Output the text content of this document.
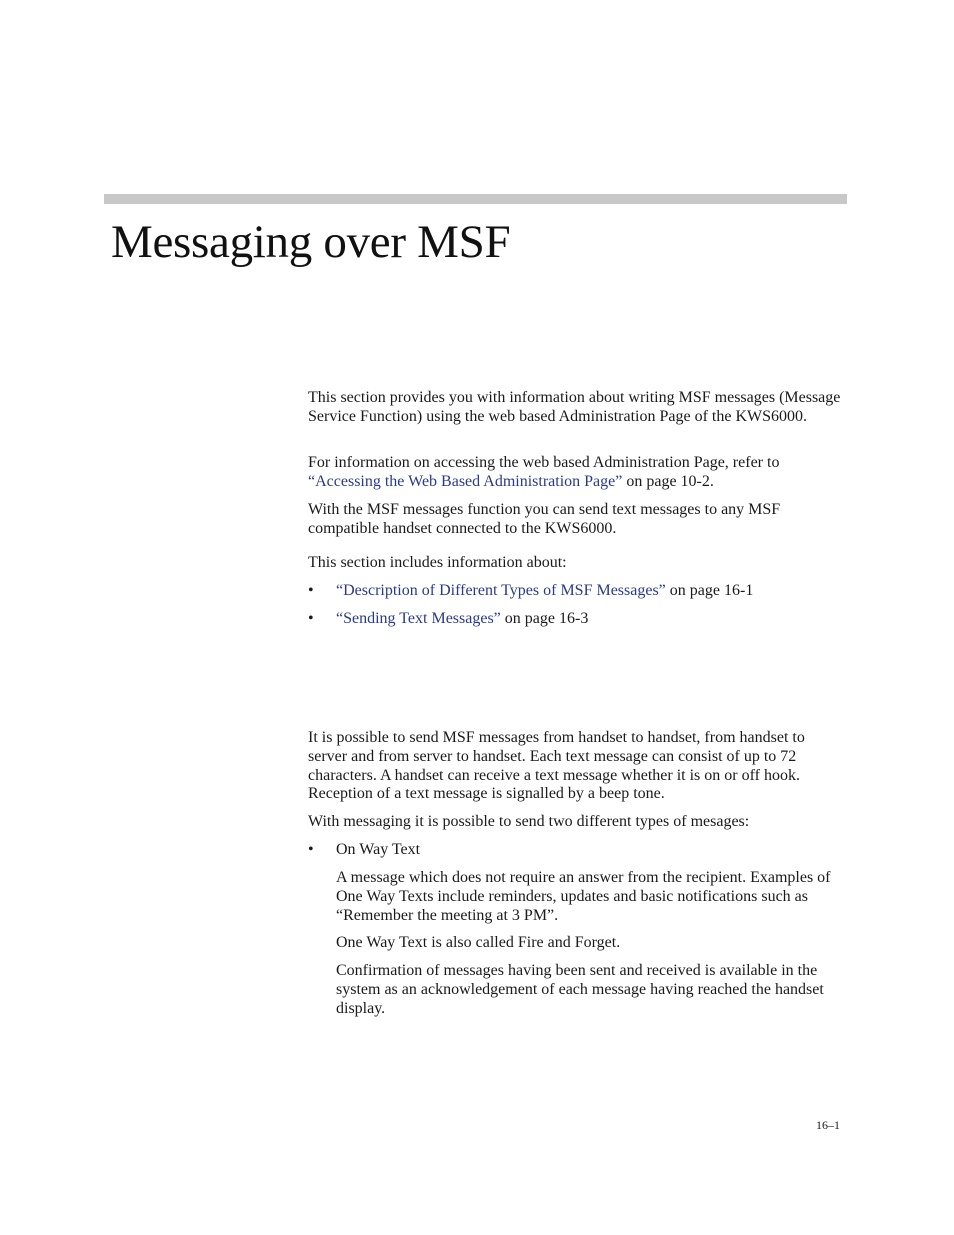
Messaging over MSF

This section provides you with information about writing MSF messages (Message Service Function) using the web based Administration Page of the KWS6000.

For information on accessing the web based Administration Page, refer to “Accessing the Web Based Administration Page” on page 10-2.

With the MSF messages function you can send text messages to any MSF compatible handset connected to the KWS6000.

This section includes information about:

• “Description of Different Types of MSF Messages” on page 16-1

• “Sending Text Messages” on page 16-3

It is possible to send MSF messages from handset to handset, from handset to server and from server to handset. Each text message can consist of up to 72 characters. A handset can receive a text message whether it is on or off hook. Reception of a text message is signalled by a beep tone.

With messaging it is possible to send two different types of mesages:

• On Way Text

A message which does not require an answer from the recipient. Examples of One Way Texts include reminders, updates and basic notifications such as “Remember the meeting at 3 PM”.

One Way Text is also called Fire and Forget.

Confirmation of messages having been sent and received is available in the system as an acknowledgement of each message having reached the handset display.

16–1
